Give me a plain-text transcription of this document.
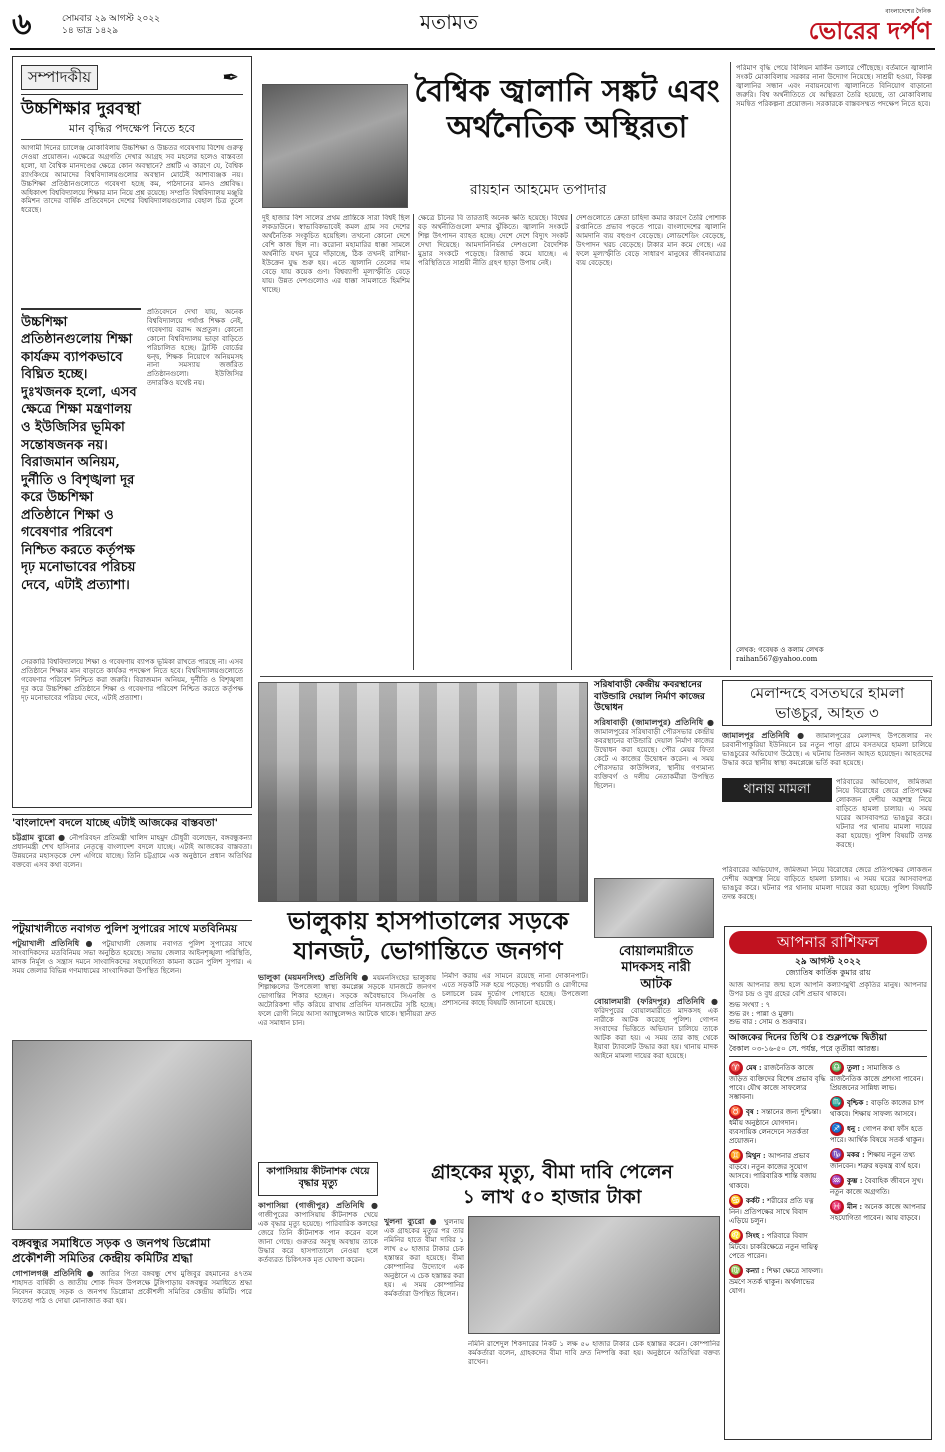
৬	সোমবার ২৯ আগস্ট ২০২২
১৪ ভাদ্র ১৪২৯	মতামত	বাংলাদেশের দৈনিক
ভোরের দর্পণ
সম্পাদকীয়	✒
উচ্চশিক্ষার দুরবস্থা
মান বৃদ্ধির পদক্ষেপ নিতে হবে
আগামী দিনের চ্যালেঞ্জ মোকাবিলায় উচ্চশিক্ষা ও উচ্চতর গবেষণায় বিশেষ গুরুত্ব দেওয়া প্রয়োজন। এক্ষেত্রে অগ্রগতি দেখার আগ্রহ সব মহলের হলেও বাস্তবতা হলো, যা বৈশ্বিক মানদণ্ডের ক্ষেত্রে কোন অবস্থানে? প্রশ্নটি এ কারণে যে, বৈশ্বিক র‍্যাংকিংয়ে আমাদের বিশ্ববিদ্যালয়গুলোর অবস্থান মোটেই আশাব্যঞ্জক নয়। উচ্চশিক্ষা প্রতিষ্ঠানগুলোতে গবেষণা হচ্ছে কম, পাঠদানের মানও প্রশ্নবিদ্ধ। অধিকাংশ বিশ্ববিদ্যালয়ে শিক্ষার মান নিয়ে প্রশ্ন রয়েছে। সম্প্রতি বিশ্ববিদ্যালয় মঞ্জুরি কমিশন তাদের বার্ষিক প্রতিবেদনে দেশের বিশ্ববিদ্যালয়গুলোর বেহাল চিত্র তুলে ধরেছে।
উচ্চশিক্ষা প্রতিষ্ঠানগুলোয় শিক্ষা কার্যক্রম ব্যাপকভাবে বিঘ্নিত হচ্ছে। দুঃখজনক হলো, এসব ক্ষেত্রে শিক্ষা মন্ত্রণালয় ও ইউজিসির ভূমিকা সন্তোষজনক নয়। বিরাজমান অনিয়ম, দুর্নীতি ও বিশৃঙ্খলা দূর করে উচ্চশিক্ষা প্রতিষ্ঠানে শিক্ষা ও গবেষণার পরিবেশ নিশ্চিত করতে কর্তৃপক্ষ দৃঢ় মনোভাবের পরিচয় দেবে, এটাই প্রত্যাশা।
প্রতিবেদনে দেখা যায়, অনেক বিশ্ববিদ্যালয়ে পর্যাপ্ত শিক্ষক নেই, গবেষণায় বরাদ্দ অপ্রতুল। কোনো কোনো বিশ্ববিদ্যালয় ভাড়া বাড়িতে পরিচালিত হচ্ছে। ট্রাস্টি বোর্ডের দ্বন্দ্ব, শিক্ষক নিয়োগে অনিয়মসহ নানা সমস্যায় জর্জরিত প্রতিষ্ঠানগুলো। ইউজিসির তদারকিও যথেষ্ট নয়।
সেরকারি বিশ্ববিদ্যালয়ে শিক্ষা ও গবেষণায় ব্যাপক ভূমিকা রাখতে পারছে না। এসব প্রতিষ্ঠানে শিক্ষার মান বাড়াতে কার্যকর পদক্ষেপ নিতে হবে। বিশ্ববিদ্যালয়গুলোতে গবেষণার পরিবেশ নিশ্চিত করা জরুরি। বিরাজমান অনিয়ম, দুর্নীতি ও বিশৃঙ্খলা দূর করে উচ্চশিক্ষা প্রতিষ্ঠানে শিক্ষা ও গবেষণার পরিবেশ নিশ্চিত করতে কর্তৃপক্ষ দৃঢ় মনোভাবের পরিচয় দেবে, এটাই প্রত্যাশা।
বৈশ্বিক জ্বালানি সঙ্কট এবং
অর্থনৈতিক অস্থিরতা
রায়হান আহমেদ তপাদার
দুই হাজার বিশ সালের প্রথম প্রান্তিকে সারা বিশ্বই ছিল লকডাউনে। স্বাভাবিকভাবেই কমল গ্রাম সব দেশের অর্থনৈতিক সংকুচিত হয়েছিল। তখনো কোনো দেশে বেশি কাজ ছিল না। করোনা মহামারির ধাক্কা সামলে অর্থনীতি যখন ঘুরে দাঁড়াচ্ছে, ঠিক তখনই রাশিয়া-ইউক্রেন যুদ্ধ শুরু হয়। এতে জ্বালানি তেলের দাম বেড়ে যায় কয়েক গুণ। বিশ্বব্যাপী মূল্যস্ফীতি বেড়ে যায়। উন্নত দেশগুলোও এর ধাক্কা সামলাতে হিমশিম খাচ্ছে।
ক্ষেত্রে চীনের বি তারতাই অনেক ক্ষতি হয়েছে। বিশ্বের বড় অর্থনীতিগুলো মন্দার ঝুঁকিতে। জ্বালানি সংকটে শিল্প উৎপাদন ব্যাহত হচ্ছে। দেশে দেশে বিদ্যুৎ সংকট দেখা দিয়েছে। আমদানিনির্ভর দেশগুলো বৈদেশিক মুদ্রার সংকটে পড়েছে। রিজার্ভ কমে যাচ্ছে। এ পরিস্থিতিতে সাশ্রয়ী নীতি গ্রহণ ছাড়া উপায় নেই।
দেশগুলোতে ক্রেতা চাহিদা কমার কারণে তৈরি পোশাক রপ্তানিতে প্রভাব পড়তে পারে। বাংলাদেশের জ্বালানি আমদানি ব্যয় বহুগুণ বেড়েছে। লোডশেডিং বেড়েছে, উৎপাদন খরচ বেড়েছে। টাকার মান কমে গেছে। এর ফলে মূল্যস্ফীতি বেড়ে সাধারণ মানুষের জীবনযাত্রার ব্যয় বেড়েছে।
পরিমাণ বৃদ্ধি পেয়ে বিলিয়ন মার্কিন ডলারে পৌঁছেছে। বর্তমানে জ্বালানি সংকট মোকাবিলায় সরকার নানা উদ্যোগ নিয়েছে। সাশ্রয়ী হওয়া, বিকল্প জ্বালানির সন্ধান এবং নবায়নযোগ্য জ্বালানিতে বিনিয়োগ বাড়ানো জরুরি। বিশ্ব অর্থনীতিতে যে অস্থিরতা তৈরি হয়েছে, তা মোকাবিলায় সমন্বিত পরিকল্পনা প্রয়োজন। সরকারকে বাস্তবসম্মত পদক্ষেপ নিতে হবে।
লেখক: গবেষক ও কলাম লেখক
raihan567@yahoo.com
ভালুকায় হাসপাতালের সড়কে
যানজট, ভোগান্তিতে জনগণ
ভালুকা (ময়মনসিংহ) প্রতিনিধি ● ময়মনসিংহের ভালুকায় শিল্পাঞ্চলের উপজেলা স্বাস্থ্য কমপ্লেক্স সড়কে যানজটে জনগণ ভোগান্তির শিকার হচ্ছেন। সড়কে অবৈধভাবে সিএনজি ও অটোরিকশা দাঁড় করিয়ে রাখায় প্রতিদিন যানজটের সৃষ্টি হচ্ছে। ফলে রোগী নিয়ে আসা অ্যাম্বুলেন্সও আটকে থাকে। স্থানীয়রা দ্রুত এর সমাধান চান।
নির্মাণ করায় এর সামনে রয়েছে নানা দোকানপাট। এতে সড়কটি সরু হয়ে পড়েছে। পথচারী ও রোগীদের চলাচলে চরম দুর্ভোগ পোহাতে হচ্ছে। উপজেলা প্রশাসনের কাছে বিষয়টি জানানো হয়েছে।
সরিষাবাড়ী কেন্দ্রীয় কবরস্থানের বাউন্ডারি দেয়াল নির্মাণ কাজের উদ্বোধন
সরিষাবাড়ী (জামালপুর) প্রতিনিধি ● জামালপুরের সরিষাবাড়ী পৌরসভার কেন্দ্রীয় কবরস্থানের বাউন্ডারি দেয়াল নির্মাণ কাজের উদ্বোধন করা হয়েছে। পৌর মেয়র ফিতা কেটে এ কাজের উদ্বোধন করেন। এ সময় পৌরসভার কাউন্সিলর, স্থানীয় গণ্যমান্য ব্যক্তিবর্গ ও দলীয় নেতাকর্মীরা উপস্থিত ছিলেন।
মেলান্দহে বসতঘরে হামলা
ভাঙচুর, আহত ৩
জামালপুর প্রতিনিধি ● জামালপুরের মেলান্দহ উপজেলার নং চরবানীপাকুরিয়া ইউনিয়নে চর নতুন পাড়া গ্রামে বসতঘরে হামলা চালিয়ে ভাঙচুরের অভিযোগ উঠেছে। এ ঘটনায় তিনজন আহত হয়েছেন। আহতদের উদ্ধার করে স্থানীয় স্বাস্থ্য কমপ্লেক্সে ভর্তি করা হয়েছে।
থানায় মামলা	পরিবারের অভিযোগ, জমিজমা নিয়ে বিরোধের জেরে প্রতিপক্ষের লোকজন দেশীয় অস্ত্রশস্ত্র নিয়ে বাড়িতে হামলা চালায়। এ সময় ঘরের আসবাবপত্র ভাঙচুর করে। ঘটনার পর থানায় মামলা দায়ের করা হয়েছে। পুলিশ বিষয়টি তদন্ত করছে।
পরিবারের অভিযোগ, জমিজমা নিয়ে বিরোধের জেরে প্রতিপক্ষের লোকজন দেশীয় অস্ত্রশস্ত্র নিয়ে বাড়িতে হামলা চালায়। এ সময় ঘরের আসবাবপত্র ভাঙচুর করে। ঘটনার পর থানায় মামলা দায়ের করা হয়েছে। পুলিশ বিষয়টি তদন্ত করছে।
বোয়ালমারীতে
মাদকসহ নারী
আটক
বোয়ালমারী (ফরিদপুর) প্রতিনিধি ● ফরিদপুরের বোয়ালমারীতে মাদকসহ এক নারীকে আটক করেছে পুলিশ। গোপন সংবাদের ভিত্তিতে অভিযান চালিয়ে তাকে আটক করা হয়। এ সময় তার কাছ থেকে ইয়াবা ট্যাবলেট উদ্ধার করা হয়। থানায় মাদক আইনে মামলা দায়ের করা হয়েছে।
আপনার রাশিফল
২৯ আগস্ট ২০২২
জ্যোতিষ কার্তিক কুমার রায়
আজ আপনার জন্ম হলে আপনি কল্যাণমুখী প্রকৃতির মানুষ। আপনার উপর চন্দ্র ও বুধ গ্রহের বেশি প্রভাব থাকবে।
শুভ সংখ্যা : ৭
শুভ রং : পান্না ও মুক্তা।
শুভ বার : সোম ও শুক্রবার।
আজকের দিনের তিথি ঃ শুক্লপক্ষে দ্বিতীয়া
বৈকাল ০৩-১৬-৫০ সে. পর্যন্ত, পরে তৃতীয়া আরম্ভ।
♈ মেষ : রাজনৈতিক কাজে জড়িত ব্যক্তিদের বিশেষ প্রভাব বৃদ্ধি পাবে। যৌথ কাজে সাফল্যের সম্ভাবনা।
♉ বৃষ : সন্তানের জন্য দুশ্চিন্তা। ধর্মীয় অনুষ্ঠানে যোগদান। ব্যবসায়িক লেনদেনে সতর্কতা প্রয়োজন।
♊ মিথুন : আপনার প্রভাব বাড়বে। নতুন কাজের সুযোগ আসবে। পারিবারিক শান্তি বজায় থাকবে।
♋ কর্কট : শরীরের প্রতি যত্ন নিন। প্রতিপক্ষের সাথে বিবাদ এড়িয়ে চলুন।
♌ সিংহ : পরিবারে বিবাদ মিটবে। চাকরিক্ষেত্রে নতুন দায়িত্ব পেতে পারেন।
♍ কন্যা : শিক্ষা ক্ষেত্রে সাফল্য। ভ্রমণে সতর্ক থাকুন। অর্থলাভের যোগ।
♎ তুলা : সামাজিক ও রাজনৈতিক কাজে প্রশংসা পাবেন। প্রিয়জনের সান্নিধ্য লাভ।
♏ বৃশ্চিক : বাড়তি কাজের চাপ থাকবে। শিক্ষায় সাফল্য আসবে।
♐ ধনু : গোপন কথা ফাঁস হতে পারে। আর্থিক বিষয়ে সতর্ক থাকুন।
♑ মকর : শিক্ষায় নতুন তথ্য জানবেন। শত্রুর ষড়যন্ত্র ব্যর্থ হবে।
♒ কুম্ভ : বৈবাহিক জীবনে সুখ। নতুন কাজে অগ্রগতি।
♓ মীন : অনেক কাজে আপনার সহযোগিতা পাবেন। আয় বাড়বে।
'বাংলাদেশ বদলে যাচ্ছে এটাই আজকের বাস্তবতা'
চট্টগ্রাম ব্যুরো ● নৌপরিবহন প্রতিমন্ত্রী খালিদ মাহমুদ চৌধুরী বলেছেন, বঙ্গবন্ধুকন্যা প্রধানমন্ত্রী শেখ হাসিনার নেতৃত্বে বাংলাদেশ বদলে যাচ্ছে। এটাই আজকের বাস্তবতা। উন্নয়নের মহাসড়কে দেশ এগিয়ে যাচ্ছে। তিনি চট্টগ্রামে এক অনুষ্ঠানে প্রধান অতিথির বক্তব্যে এসব কথা বলেন।
পটুয়াখালীতে নবাগত পুলিশ সুপারের সাথে মতবিনিময়
পটুয়াখালী প্রতিনিধি ● পটুয়াখালী জেলায় নবাগত পুলিশ সুপারের সাথে সাংবাদিকদের মতবিনিময় সভা অনুষ্ঠিত হয়েছে। সভায় জেলার আইনশৃঙ্খলা পরিস্থিতি, মাদক নির্মূল ও সন্ত্রাস দমনে সাংবাদিকদের সহযোগিতা কামনা করেন পুলিশ সুপার। এ সময় জেলার বিভিন্ন গণমাধ্যমের সাংবাদিকরা উপস্থিত ছিলেন।
বঙ্গবন্ধুর সমাধিতে সড়ক ও জনপথ ডিপ্লোমা প্রকৌশলী সমিতির কেন্দ্রীয় কমিটির শ্রদ্ধা
গোপালগঞ্জ প্রতিনিধি ● জাতির পিতা বঙ্গবন্ধু শেখ মুজিবুর রহমানের ৪৭তম শাহাদত বার্ষিকী ও জাতীয় শোক দিবস উপলক্ষে টুঙ্গিপাড়ায় বঙ্গবন্ধুর সমাধিতে শ্রদ্ধা নিবেদন করেছে সড়ক ও জনপথ ডিপ্লোমা প্রকৌশলী সমিতির কেন্দ্রীয় কমিটি। পরে ফাতেহা পাঠ ও দোয়া মোনাজাত করা হয়।
কাপাসিয়ায় কীটনাশক খেয়ে বৃদ্ধার মৃত্যু
কাপাসিয়া (গাজীপুর) প্রতিনিধি ● গাজীপুরের কাপাসিয়ায় কীটনাশক খেয়ে এক বৃদ্ধার মৃত্যু হয়েছে। পারিবারিক কলহের জেরে তিনি কীটনাশক পান করেন বলে জানা গেছে। গুরুতর অসুস্থ অবস্থায় তাকে উদ্ধার করে হাসপাতালে নেওয়া হলে কর্তব্যরত চিকিৎসক মৃত ঘোষণা করেন।
গ্রাহকের মৃত্যু, বীমা দাবি পেলেন
১ লাখ ৫০ হাজার টাকা
খুলনা ব্যুরো ● খুলনায় এক গ্রাহকের মৃত্যুর পর তার নমিনির হাতে বীমা দাবির ১ লাখ ৫০ হাজার টাকার চেক হস্তান্তর করা হয়েছে। বীমা কোম্পানির উদ্যোগে এক অনুষ্ঠানে এ চেক হস্তান্তর করা হয়। এ সময় কোম্পানির কর্মকর্তারা উপস্থিত ছিলেন।
নমিনি রাশেদুল শিকদারের নিকট ১ লক্ষ ৫০ হাজার টাকার চেক হস্তান্তর করেন। কোম্পানির কর্মকর্তারা বলেন, গ্রাহকদের বীমা দাবি দ্রুত নিষ্পত্তি করা হয়। অনুষ্ঠানে অতিথিরা বক্তব্য রাখেন।
